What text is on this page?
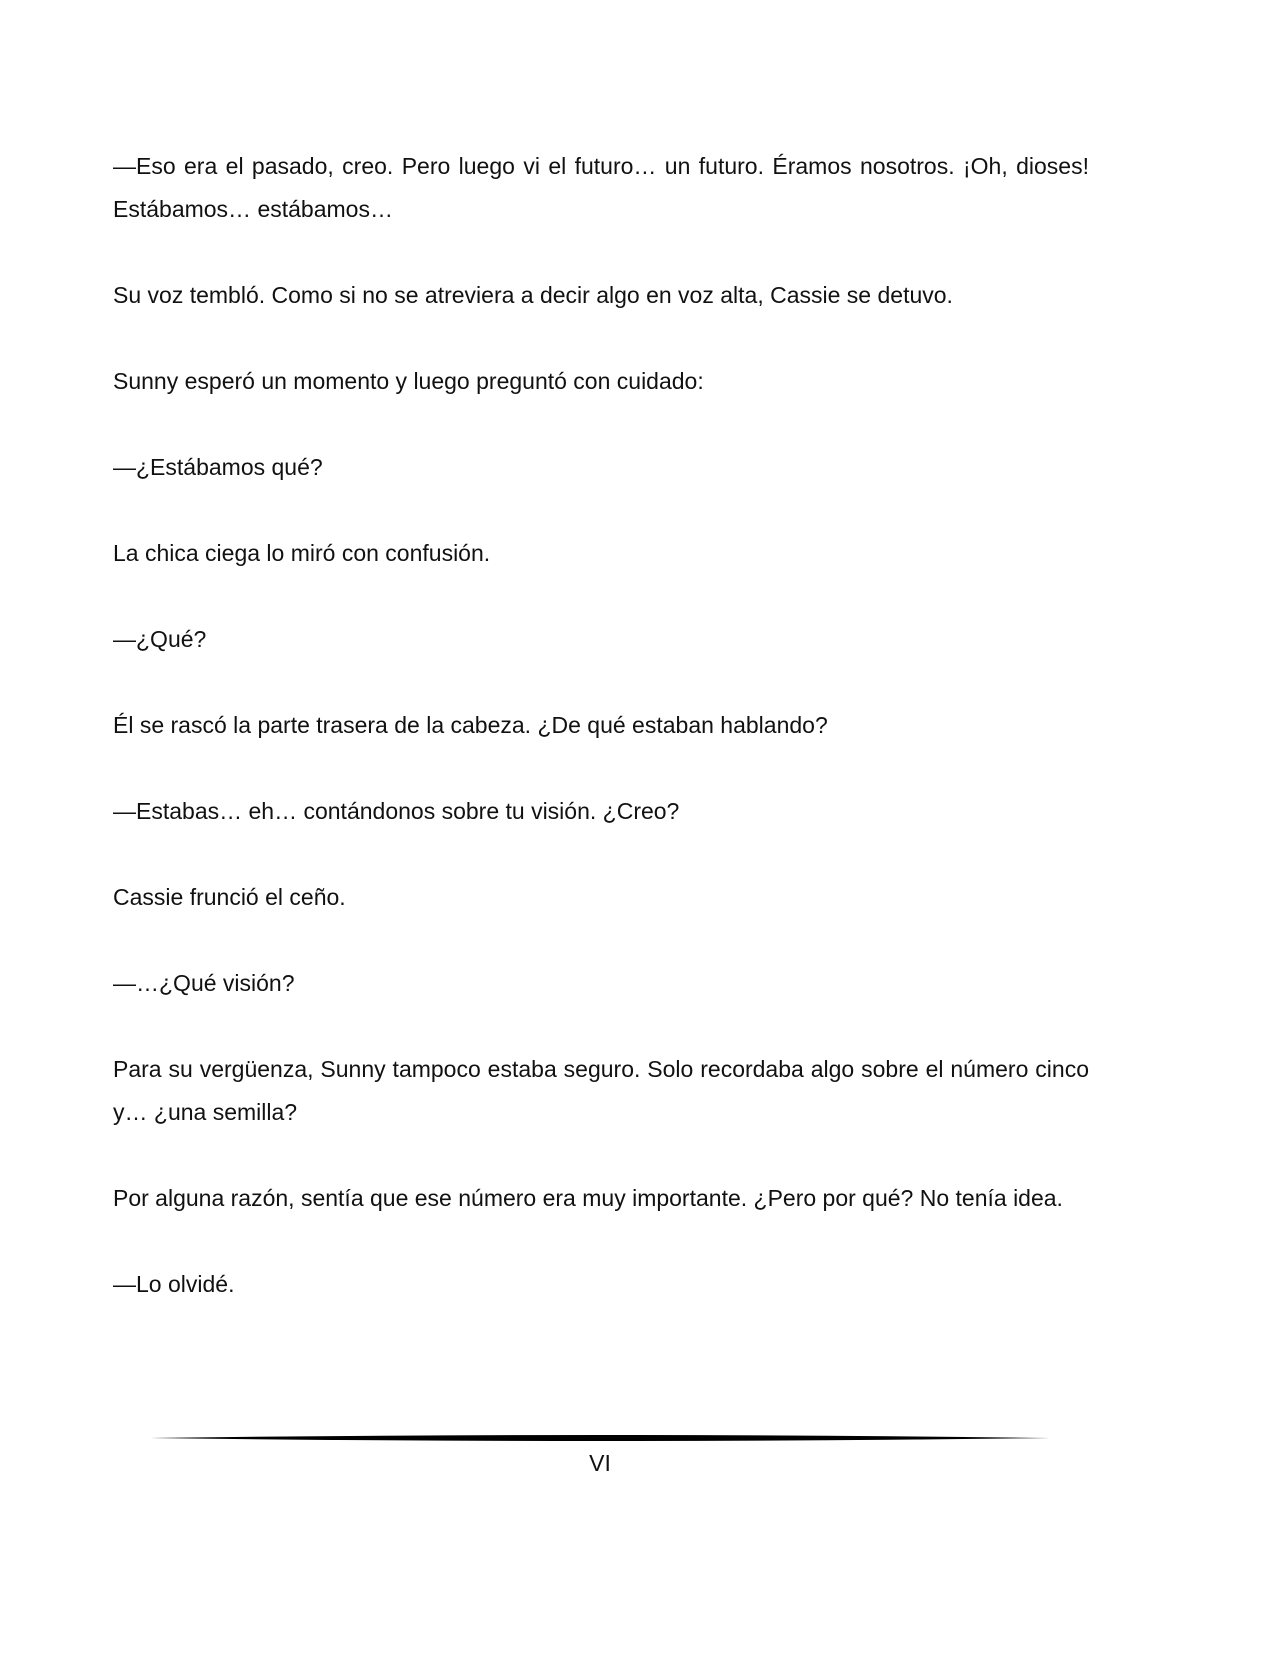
—Eso era el pasado, creo. Pero luego vi el futuro… un futuro. Éramos nosotros. ¡Oh, dioses! Estábamos… estábamos…

Su voz tembló. Como si no se atreviera a decir algo en voz alta, Cassie se detuvo.

Sunny esperó un momento y luego preguntó con cuidado:

—¿Estábamos qué?

La chica ciega lo miró con confusión.

—¿Qué?

Él se rascó la parte trasera de la cabeza. ¿De qué estaban hablando?

—Estabas… eh… contándonos sobre tu visión. ¿Creo?

Cassie frunció el ceño.

—…¿Qué visión?

Para su vergüenza, Sunny tampoco estaba seguro. Solo recordaba algo sobre el número cinco y… ¿una semilla?

Por alguna razón, sentía que ese número era muy importante. ¿Pero por qué? No tenía idea.

—Lo olvidé.

VI
